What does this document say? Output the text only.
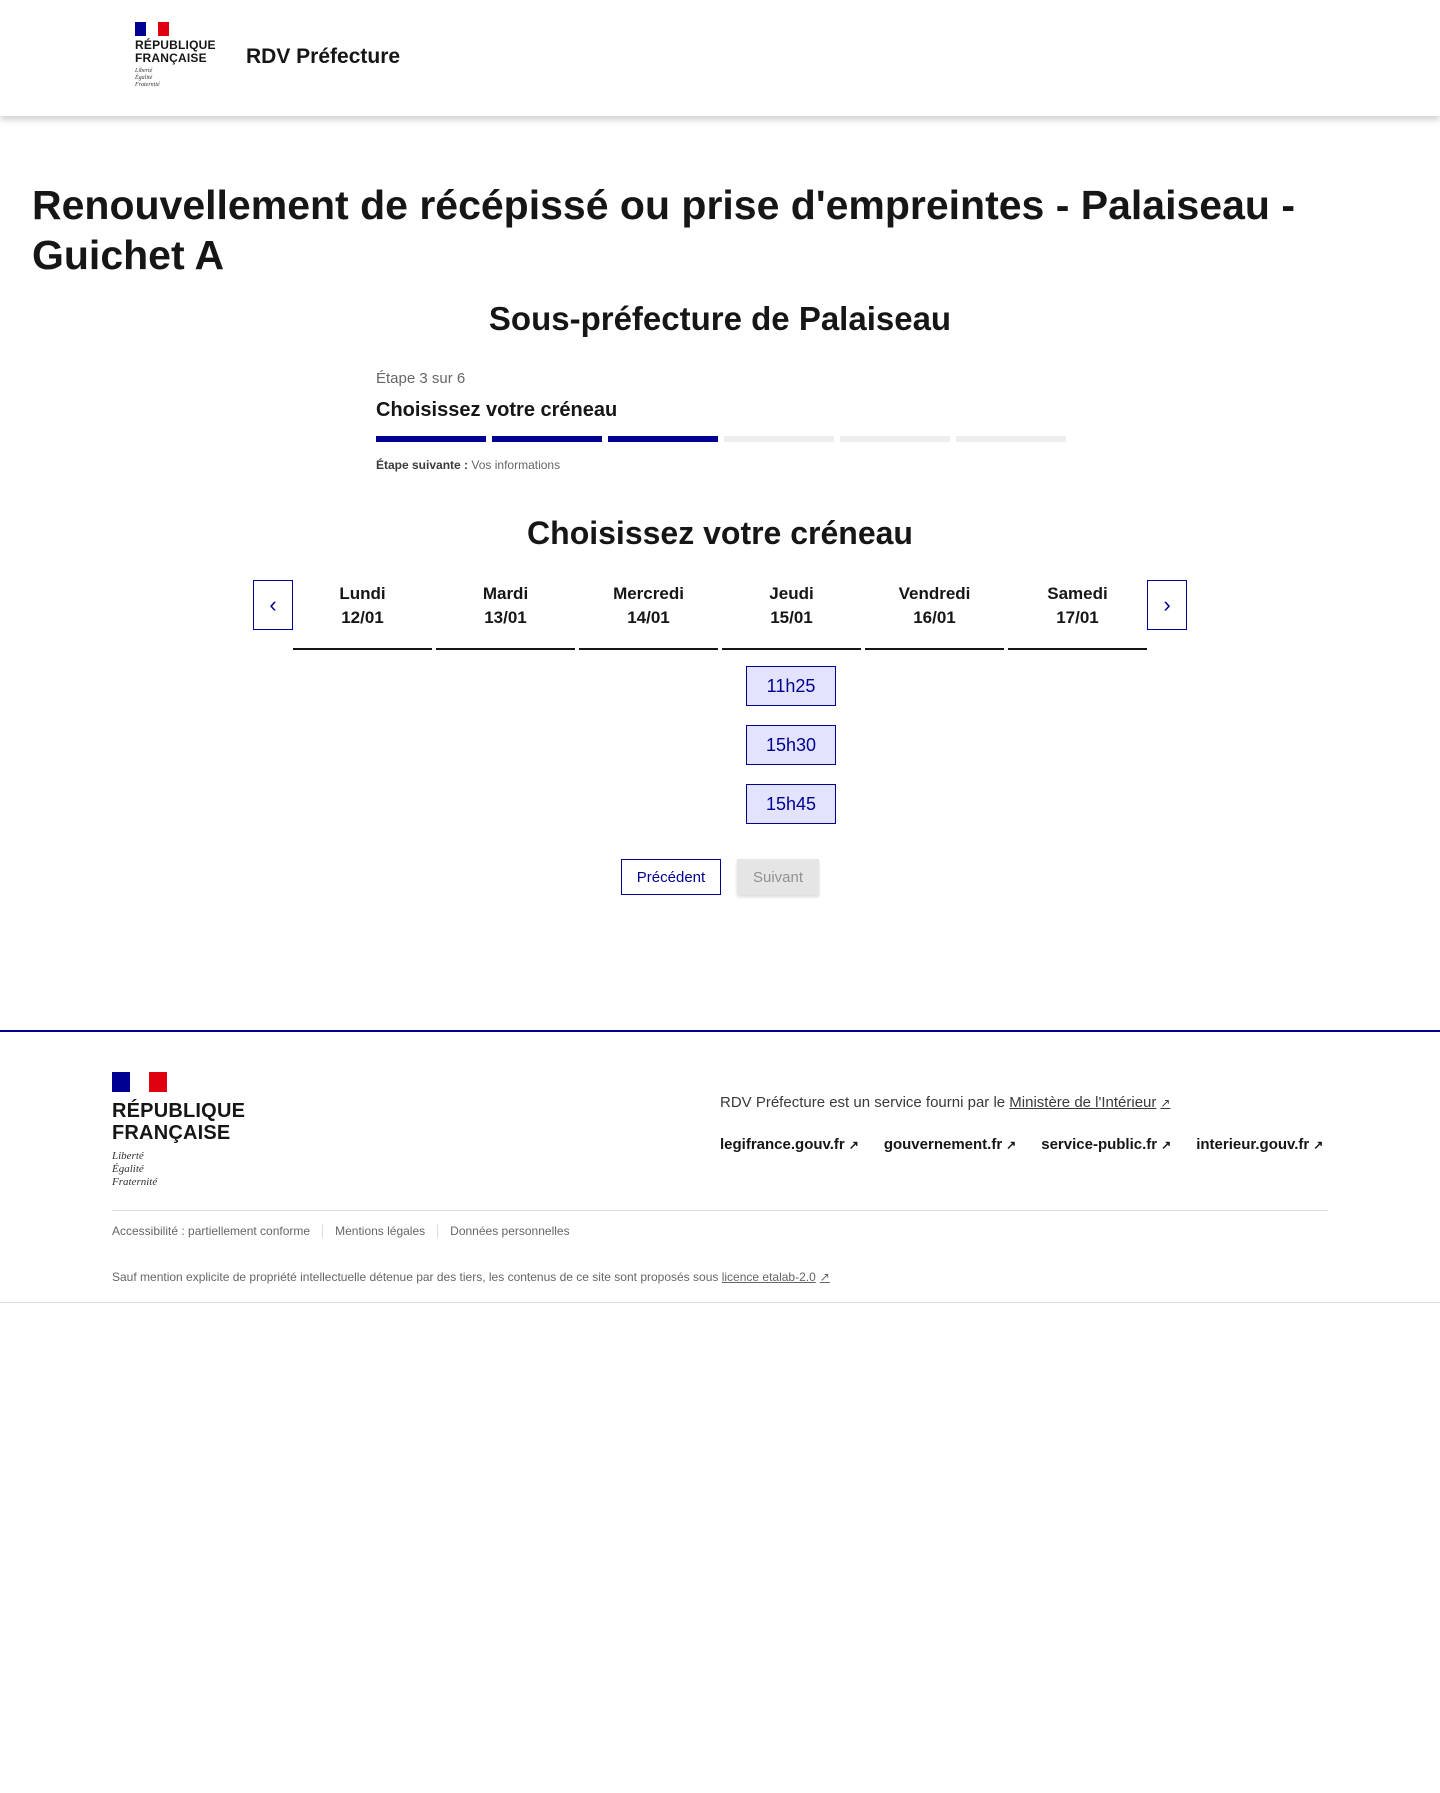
RÉPUBLIQUE
FRANÇAISE
Liberté
Égalité
Fraternité
RDV Préfecture
Renouvellement de récépissé ou prise d'empreintes - Palaiseau - Guichet A
Sous-préfecture de Palaiseau
Étape 3 sur 6
Choisissez votre créneau
Étape suivante : Vos informations
Choisissez votre créneau
‹	Lundi
12/01
Mardi
13/01
Mercredi
14/01
Jeudi
15/01
Vendredi
16/01
Samedi
17/01
›
11h25
15h30
15h45
Précédent	Suivant
RÉPUBLIQUE
FRANÇAISE
Liberté
Égalité
Fraternité
RDV Préfecture est un service fourni par le Ministère de l'Intérieur ↗
legifrance.gouv.fr ↗ gouvernement.fr ↗ service-public.fr ↗ interieur.gouv.fr ↗
Accessibilité : partiellement conforme	Mentions légales	Données personnelles
Sauf mention explicite de propriété intellectuelle détenue par des tiers, les contenus de ce site sont proposés sous licence etalab-2.0 ↗
